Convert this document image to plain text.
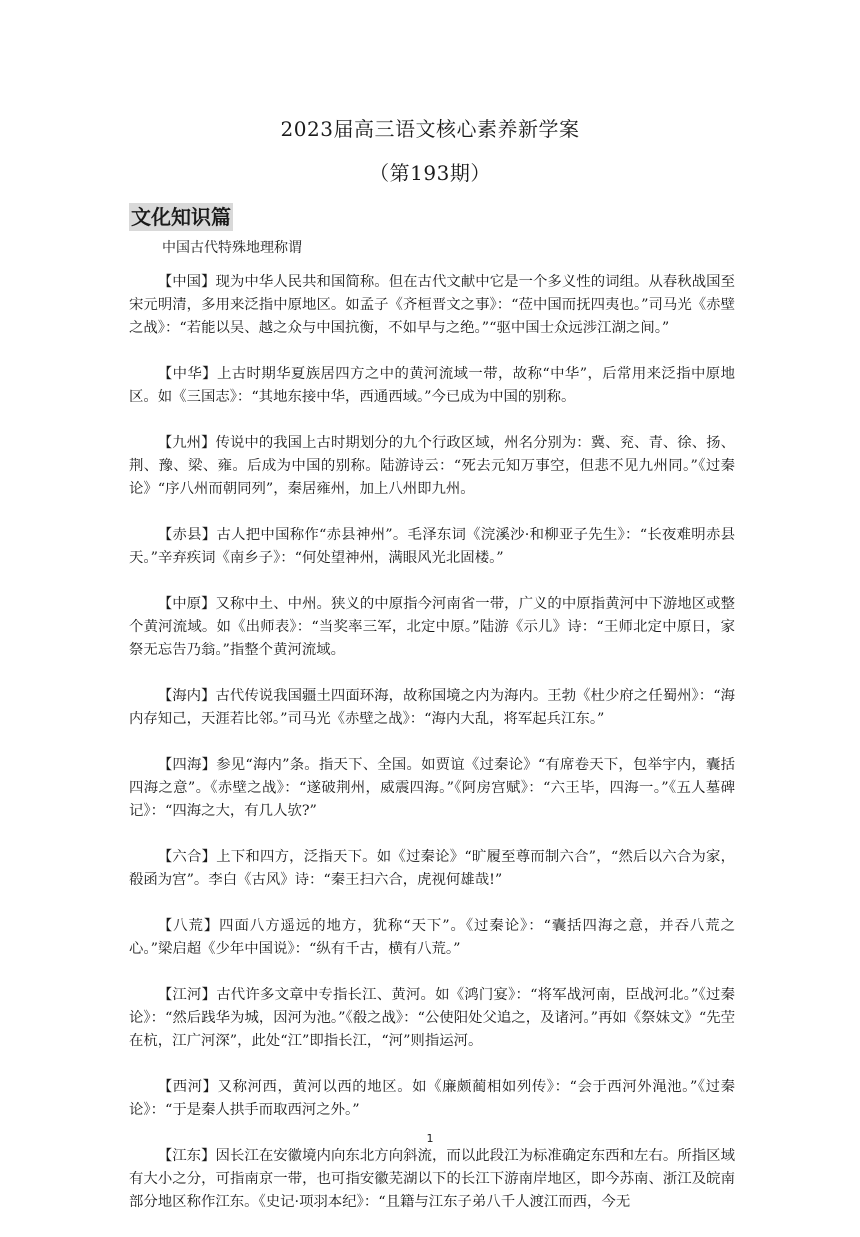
2023届高三语文核心素养新学案
（第193期）
文化知识篇
中国古代特殊地理称谓

【中国】现为中华人民共和国简称。但在古代文献中它是一个多义性的词组。从春秋战国至宋元明清，多用来泛指中原地区。如孟子《齐桓晋文之事》：“莅中国而抚四夷也。”司马光《赤壁之战》：“若能以吴、越之众与中国抗衡，不如早与之绝。”“驱中国士众远涉江湖之间。”

【中华】上古时期华夏族居四方之中的黄河流域一带，故称“中华”，后常用来泛指中原地区。如《三国志》：“其地东接中华，西通西域。”今已成为中国的别称。

【九州】传说中的我国上古时期划分的九个行政区域，州名分别为：冀、兖、青、徐、扬、荆、豫、梁、雍。后成为中国的别称。陆游诗云：“死去元知万事空，但悲不见九州同。”《过秦论》“序八州而朝同列”，秦居雍州，加上八州即九州。

【赤县】古人把中国称作“赤县神州”。毛泽东词《浣溪沙·和柳亚子先生》：“长夜难明赤县天。”辛弃疾词《南乡子》：“何处望神州，满眼风光北固楼。”

【中原】又称中土、中州。狭义的中原指今河南省一带，广义的中原指黄河中下游地区或整个黄河流域。如《出师表》：“当奖率三军，北定中原。”陆游《示儿》诗：“王师北定中原日，家祭无忘告乃翁。”指整个黄河流域。

【海内】古代传说我国疆土四面环海，故称国境之内为海内。王勃《杜少府之任蜀州》：“海内存知己，天涯若比邻。”司马光《赤壁之战》：“海内大乱，将军起兵江东。”

【四海】参见“海内”条。指天下、全国。如贾谊《过秦论》“有席卷天下，包举宇内，囊括四海之意”。《赤壁之战》：“遂破荆州，威震四海。”《阿房宫赋》：“六王毕，四海一。”《五人墓碑记》：“四海之大，有几人欤?”

【六合】上下和四方，泛指天下。如《过秦论》“旷履至尊而制六合”，“然后以六合为家，殽函为宫”。李白《古风》诗：“秦王扫六合，虎视何雄哉!”

【八荒】四面八方遥远的地方，犹称“天下”。《过秦论》：“囊括四海之意，并吞八荒之心。”梁启超《少年中国说》：“纵有千古，横有八荒。”

【江河】古代许多文章中专指长江、黄河。如《鸿门宴》：“将军战河南，臣战河北。”《过秦论》：“然后践华为城，因河为池。”《殽之战》：“公使阳处父追之，及诸河。”再如《祭妹文》“先茔在杭，江广河深”，此处“江”即指长江，“河”则指运河。

【西河】又称河西，黄河以西的地区。如《廉颇蔺相如列传》：“会于西河外渑池。”《过秦论》：“于是秦人拱手而取西河之外。”

【江东】因长江在安徽境内向东北方向斜流，而以此段江为标准确定东西和左右。所指区域有大小之分，可指南京一带，也可指安徽芜湖以下的长江下游南岸地区，即今苏南、浙江及皖南部分地区称作江东。《史记·项羽本纪》：“且籍与江东子弟八千人渡江而西，今无

1
